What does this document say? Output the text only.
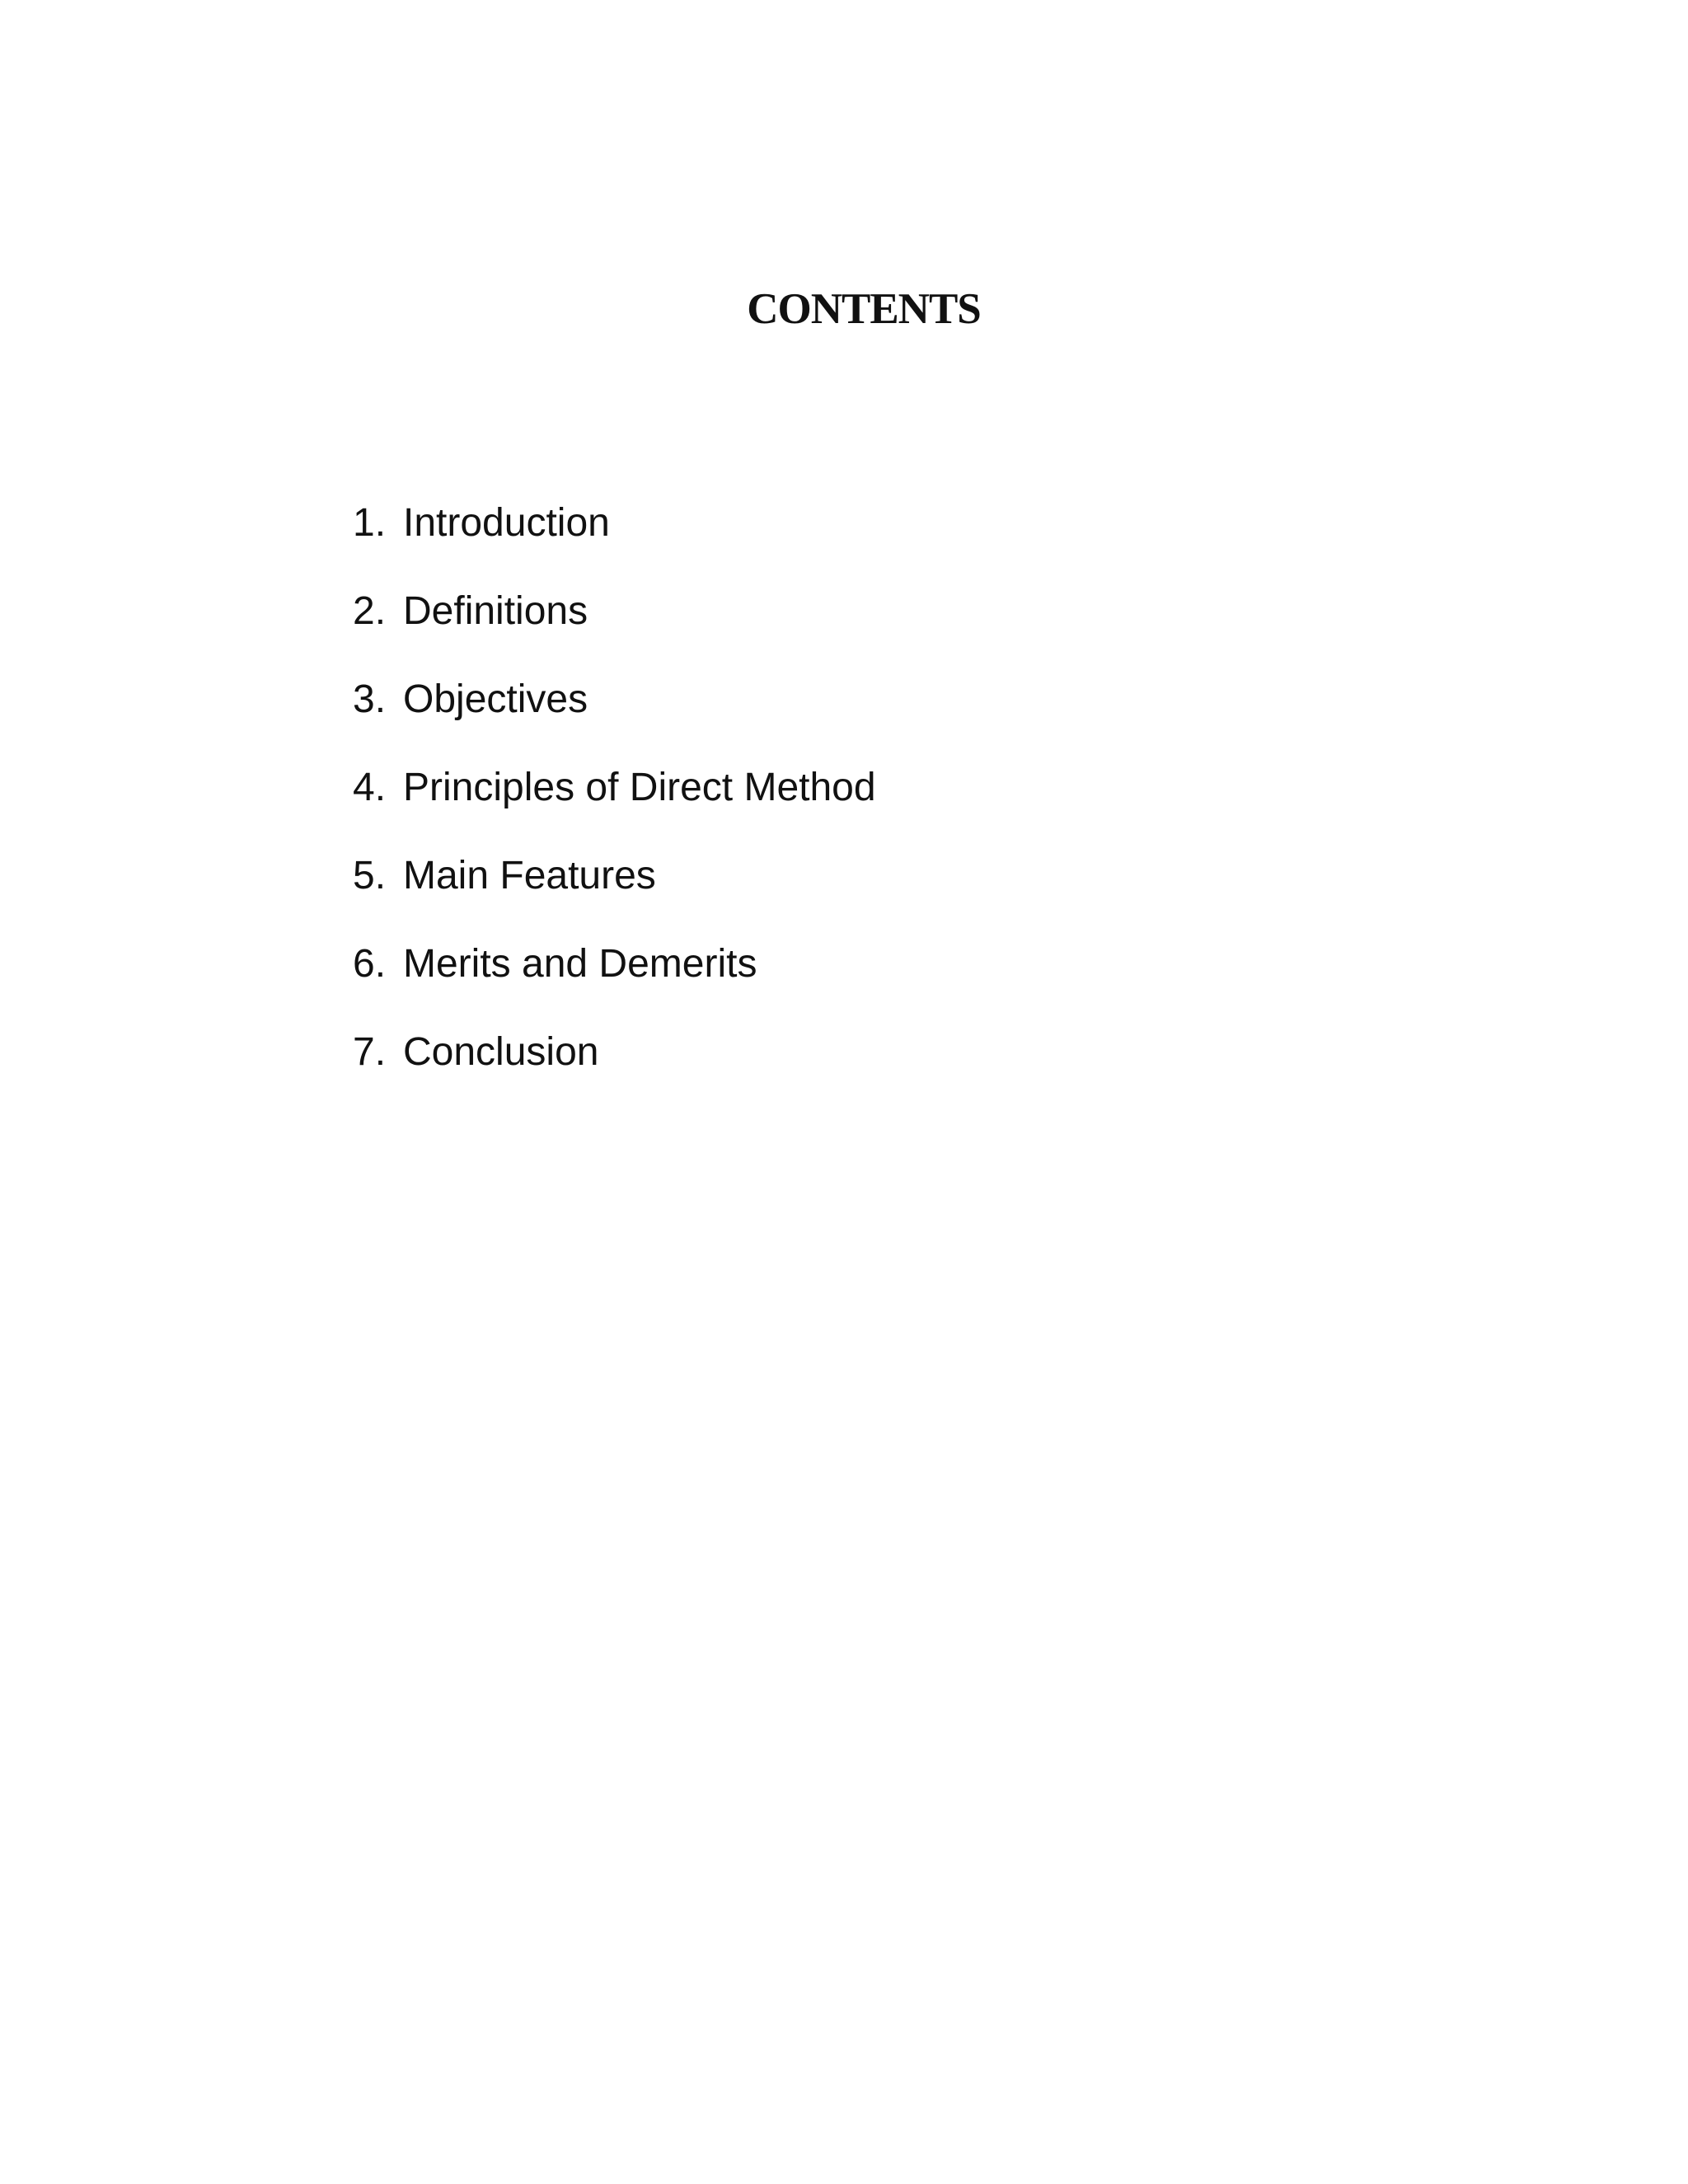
CONTENTS
1. Introduction
2. Definitions
3. Objectives
4. Principles of Direct Method
5. Main Features
6. Merits and Demerits
7. Conclusion
